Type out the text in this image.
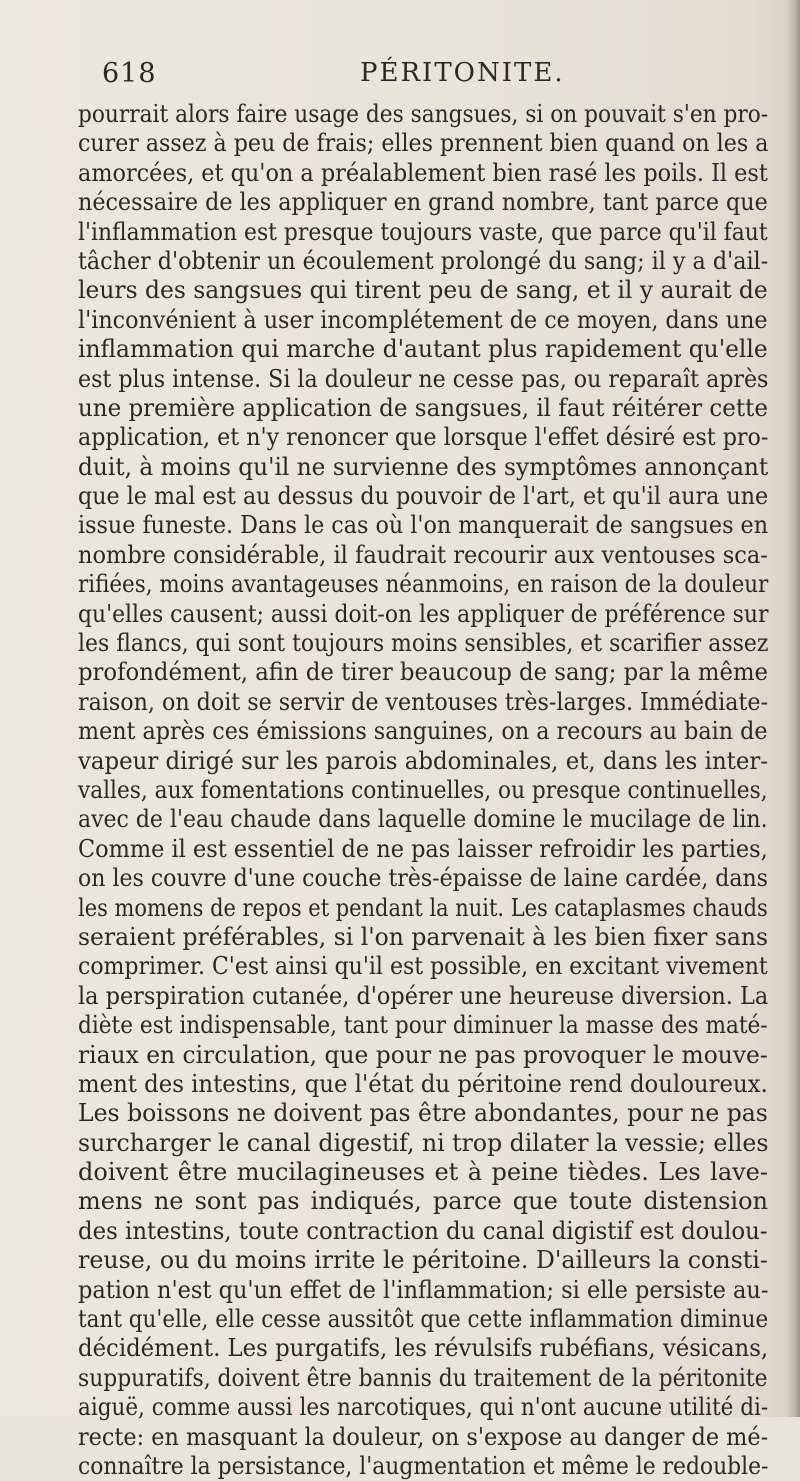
618	PÉRITONITE.
pourrait alors faire usage des sangsues, si on pouvait s'en pro-
curer assez à peu de frais; elles prennent bien quand on les a
amorcées, et qu'on a préalablement bien rasé les poils. Il est
nécessaire de les appliquer en grand nombre, tant parce que
l'inflammation est presque toujours vaste, que parce qu'il faut
tâcher d'obtenir un écoulement prolongé du sang; il y a d'ail-
leurs des sangsues qui tirent peu de sang, et il y aurait de
l'inconvénient à user incomplétement de ce moyen, dans une
inflammation qui marche d'autant plus rapidement qu'elle
est plus intense. Si la douleur ne cesse pas, ou reparaît après
une première application de sangsues, il faut réitérer cette
application, et n'y renoncer que lorsque l'effet désiré est pro-
duit, à moins qu'il ne survienne des symptômes annonçant
que le mal est au dessus du pouvoir de l'art, et qu'il aura une
issue funeste. Dans le cas où l'on manquerait de sangsues en
nombre considérable, il faudrait recourir aux ventouses sca-
rifiées, moins avantageuses néanmoins, en raison de la douleur
qu'elles causent; aussi doit-on les appliquer de préférence sur
les flancs, qui sont toujours moins sensibles, et scarifier assez
profondément, afin de tirer beaucoup de sang; par la même
raison, on doit se servir de ventouses très-larges. Immédiate-
ment après ces émissions sanguines, on a recours au bain de
vapeur dirigé sur les parois abdominales, et, dans les inter-
valles, aux fomentations continuelles, ou presque continuelles,
avec de l'eau chaude dans laquelle domine le mucilage de lin.
Comme il est essentiel de ne pas laisser refroidir les parties,
on les couvre d'une couche très-épaisse de laine cardée, dans
les momens de repos et pendant la nuit. Les cataplasmes chauds
seraient préférables, si l'on parvenait à les bien fixer sans
comprimer. C'est ainsi qu'il est possible, en excitant vivement
la perspiration cutanée, d'opérer une heureuse diversion. La
diète est indispensable, tant pour diminuer la masse des maté-
riaux en circulation, que pour ne pas provoquer le mouve-
ment des intestins, que l'état du péritoine rend douloureux.
Les boissons ne doivent pas être abondantes, pour ne pas
surcharger le canal digestif, ni trop dilater la vessie; elles
doivent être mucilagineuses et à peine tièdes. Les lave-
mens ne sont pas indiqués, parce que toute distension
des intestins, toute contraction du canal digistif est doulou-
reuse, ou du moins irrite le péritoine. D'ailleurs la consti-
pation n'est qu'un effet de l'inflammation; si elle persiste au-
tant qu'elle, elle cesse aussitôt que cette inflammation diminue
décidément. Les purgatifs, les révulsifs rubéfians, vésicans,
suppuratifs, doivent être bannis du traitement de la péritonite
aiguë, comme aussi les narcotiques, qui n'ont aucune utilité di-
recte: en masquant la douleur, on s'expose au danger de mé-
connaître la persistance, l'augmentation et même le redouble-
